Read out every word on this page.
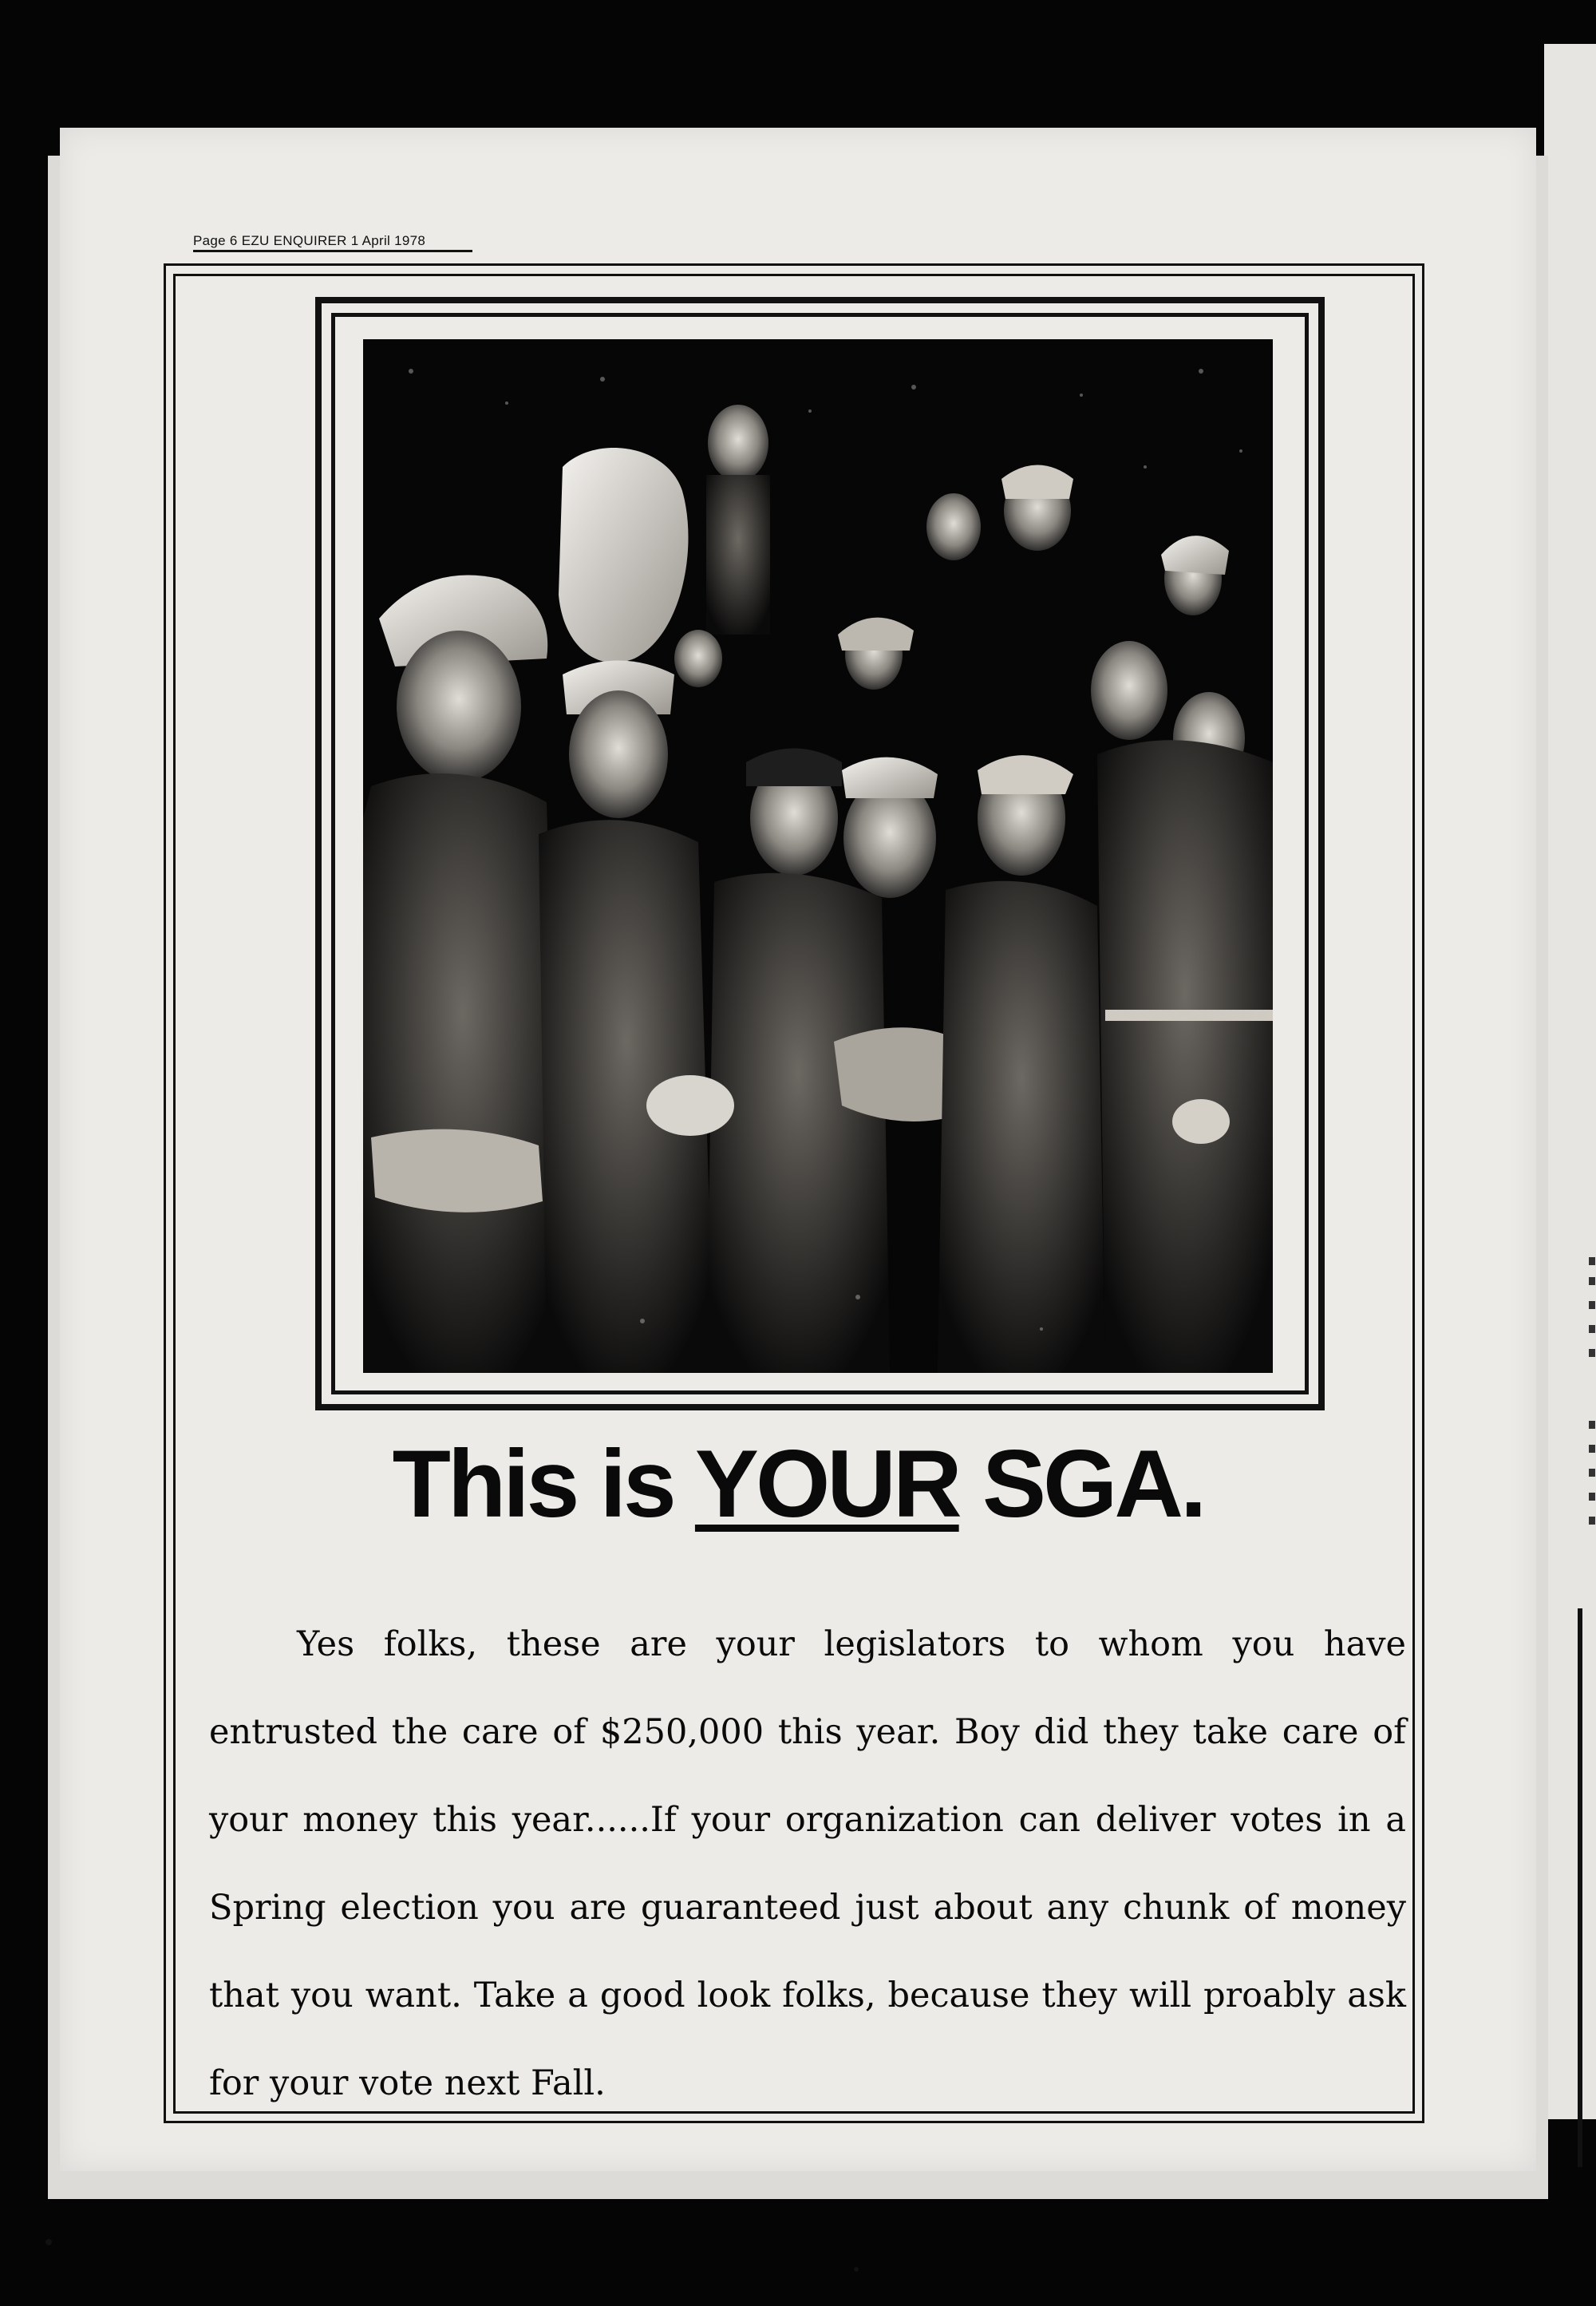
Page 6 EZU ENQUIRER 1 April 1978
This is YOUR SGA.
Yes folks, these are your legislators to whom you have entrusted the care of $250,000 this year. Boy did they take care of your money this year......If your organization can deliver votes in a Spring election you are guaranteed just about any chunk of money that you want. Take a good look folks, because they will proably ask for your vote next Fall.
